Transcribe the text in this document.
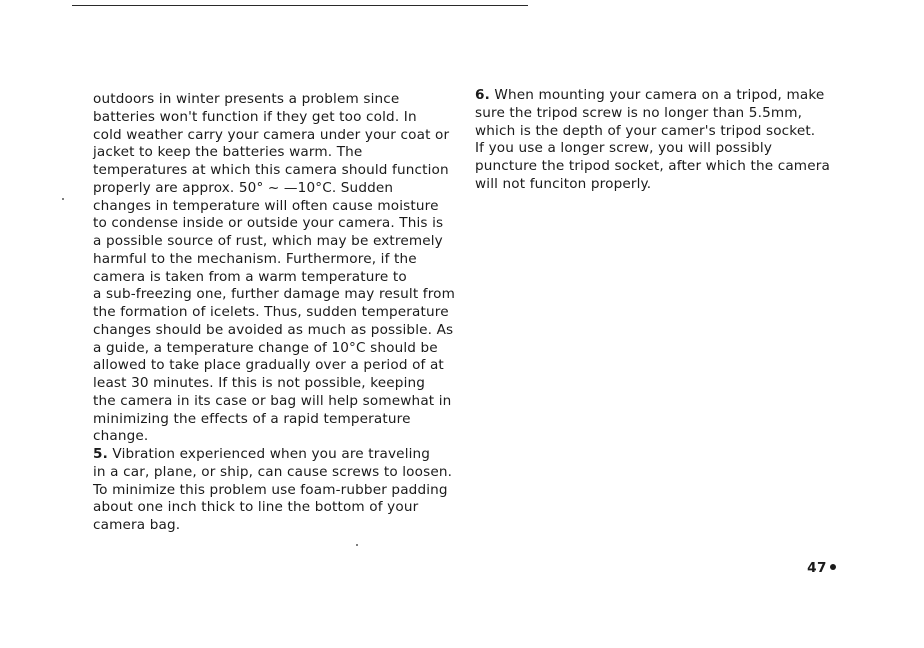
outdoors in winter presents a problem since
batteries won't function if they get too cold. In
cold weather carry your camera under your coat or
jacket to keep the batteries warm. The
temperatures at which this camera should function
properly are approx. 50° ~ —10°C. Sudden
changes in temperature will often cause moisture
to condense inside or outside your camera. This is
a possible source of rust, which may be extremely
harmful to the mechanism. Furthermore, if the
camera is taken from a warm temperature to
a sub-freezing one, further damage may result from
the formation of icelets. Thus, sudden temperature
changes should be avoided as much as possible. As
a guide, a temperature change of 10°C should be
allowed to take place gradually over a period of at
least 30 minutes. If this is not possible, keeping
the camera in its case or bag will help somewhat in
minimizing the effects of a rapid temperature
change.

5. Vibration experienced when you are traveling
in a car, plane, or ship, can cause screws to loosen.
To minimize this problem use foam-rubber padding
about one inch thick to line the bottom of your
camera bag.

6. When mounting your camera on a tripod, make
sure the tripod screw is no longer than 5.5mm,
which is the depth of your camer's tripod socket.
If you use a longer screw, you will possibly
puncture the tripod socket, after which the camera
will not funciton properly.

47
